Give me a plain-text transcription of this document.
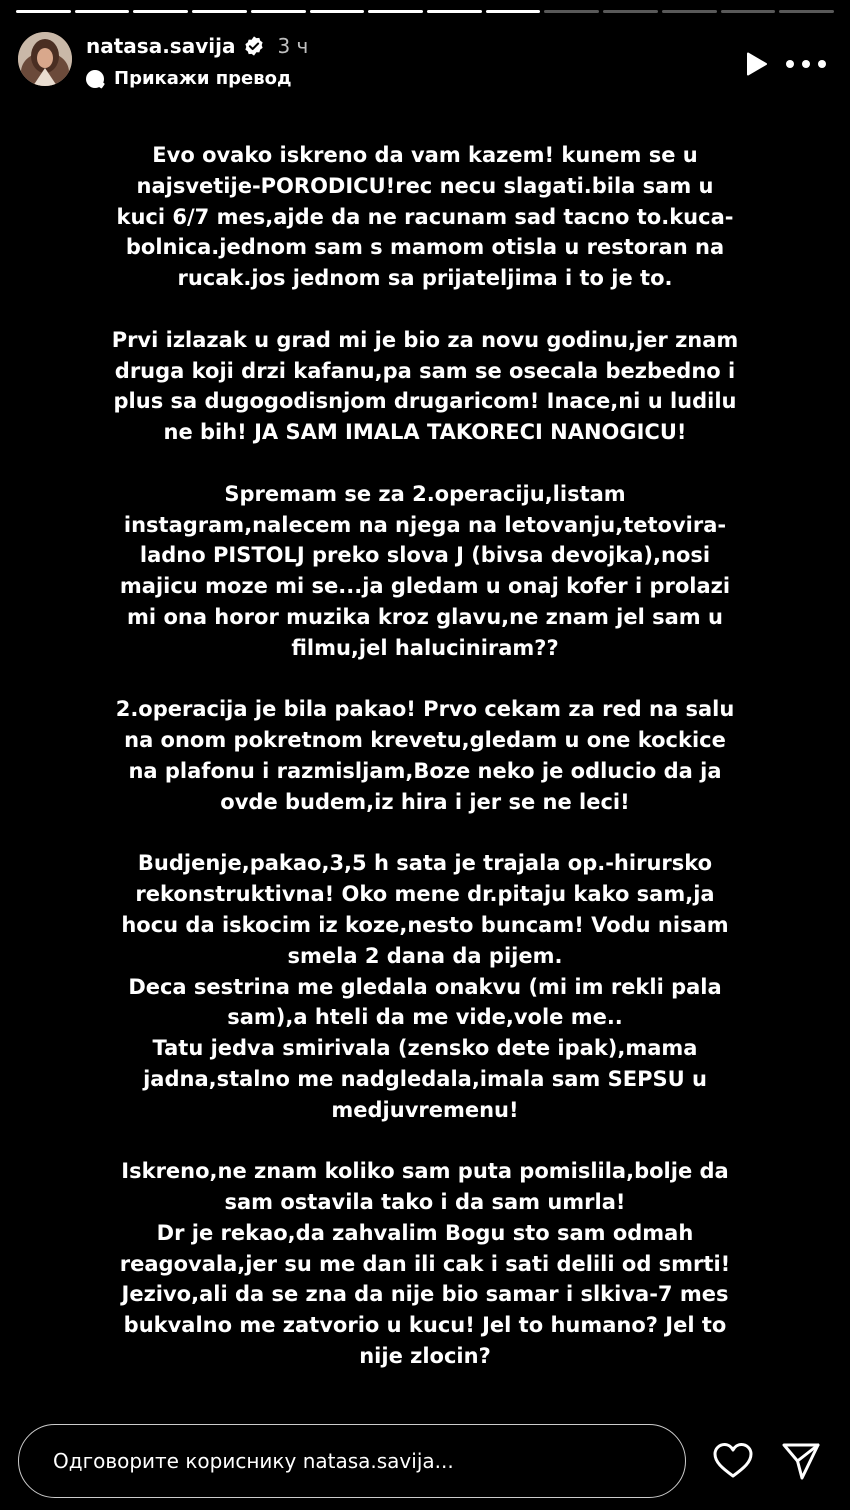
natasa.savija 3 ч
Прикажи превод

Evo ovako iskreno da vam kazem! kunem se u
najsvetije-PORODICU!rec necu slagati.bila sam u
kuci 6/7 mes,ajde da ne racunam sad tacno to.kuca-
bolnica.jednom sam s mamom otisla u restoran na
rucak.jos jednom sa prijateljima i to je to.

Prvi izlazak u grad mi je bio za novu godinu,jer znam
druga koji drzi kafanu,pa sam se osecala bezbedno i
plus sa dugogodisnjom drugaricom! Inace,ni u ludilu
ne bih! JA SAM IMALA TAKORECI NANOGICU!

Spremam se za 2.operaciju,listam
instagram,nalecem na njega na letovanju,tetovira-
ladno PISTOLJ preko slova J (bivsa devojka),nosi
majicu moze mi se...ja gledam u onaj kofer i prolazi
mi ona horor muzika kroz glavu,ne znam jel sam u
filmu,jel haluciniram??

2.operacija je bila pakao! Prvo cekam za red na salu
na onom pokretnom krevetu,gledam u one kockice
na plafonu i razmisljam,Boze neko je odlucio da ja
ovde budem,iz hira i jer se ne leci!

Budjenje,pakao,3,5 h sata je trajala op.-hirursko
rekonstruktivna! Oko mene dr.pitaju kako sam,ja
hocu da iskocim iz koze,nesto buncam! Vodu nisam
smela 2 dana da pijem.
Deca sestrina me gledala onakvu (mi im rekli pala
sam),a hteli da me vide,vole me..
Tatu jedva smirivala (zensko dete ipak),mama
jadna,stalno me nadgledala,imala sam SEPSU u
medjuvremenu!

Iskreno,ne znam koliko sam puta pomislila,bolje da
sam ostavila tako i da sam umrla!
Dr je rekao,da zahvalim Bogu sto sam odmah
reagovala,jer su me dan ili cak i sati delili od smrti!
Jezivo,ali da se zna da nije bio samar i slkiva-7 mes
bukvalno me zatvorio u kucu! Jel to humano? Jel to
nije zlocin?

Одговорите кориснику natasa.savija...
